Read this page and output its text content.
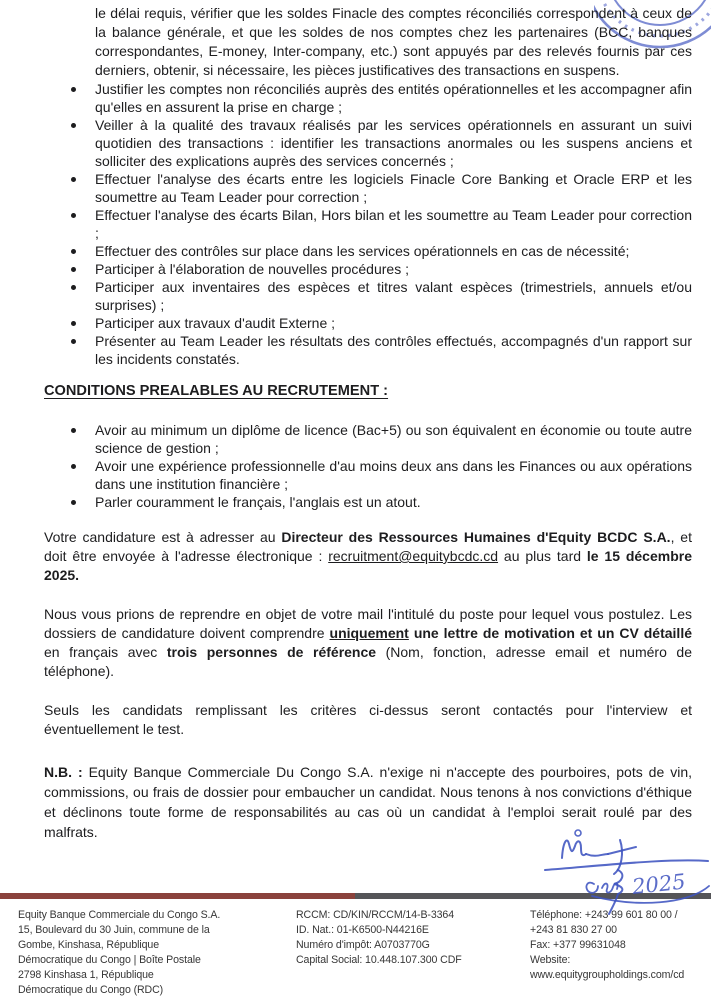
le délai requis, vérifier que les soldes Finacle des comptes réconciliés correspondent à ceux de la balance générale, et que les soldes de nos comptes chez les partenaires (BCC, banques correspondantes, E-money, Inter-company, etc.) sont appuyés par des relevés fournis par ces derniers, obtenir, si nécessaire, les pièces justificatives des transactions en suspens.

Justifier les comptes non réconciliés auprès des entités opérationnelles et les accompagner afin qu'elles en assurent la prise en charge ;
Veiller à la qualité des travaux réalisés par les services opérationnels en assurant un suivi quotidien des transactions : identifier les transactions anormales ou les suspens anciens et solliciter des explications auprès des services concernés ;
Effectuer l'analyse des écarts entre les logiciels Finacle Core Banking et Oracle ERP et les soumettre au Team Leader pour correction ;
Effectuer l'analyse des écarts Bilan, Hors bilan et les soumettre au Team Leader pour correction ;
Effectuer des contrôles sur place dans les services opérationnels en cas de nécessité;
Participer à l'élaboration de nouvelles procédures ;
Participer aux inventaires des espèces et titres valant espèces (trimestriels, annuels et/ou surprises) ;
Participer aux travaux d'audit Externe ;
Présenter au Team Leader les résultats des contrôles effectués, accompagnés d'un rapport sur les incidents constatés.
CONDITIONS PREALABLES AU RECRUTEMENT :
Avoir au minimum un diplôme de licence (Bac+5) ou son équivalent en économie ou toute autre science de gestion ;
Avoir une expérience professionnelle d'au moins deux ans dans les Finances ou aux opérations dans une institution financière ;
Parler couramment le français, l'anglais est un atout.

Votre candidature est à adresser au Directeur des Ressources Humaines d'Equity BCDC S.A., et doit être envoyée à l'adresse électronique : recruitment@equitybcdc.cd au plus tard le 15 décembre 2025.

Nous vous prions de reprendre en objet de votre mail l'intitulé du poste pour lequel vous postulez. Les dossiers de candidature doivent comprendre uniquement une lettre de motivation et un CV détaillé en français avec trois personnes de référence (Nom, fonction, adresse email et numéro de téléphone).

Seuls les candidats remplissant les critères ci-dessus seront contactés pour l'interview et éventuellement le test.

N.B. : Equity Banque Commerciale Du Congo S.A. n'exige ni n'accepte des pourboires, pots de vin, commissions, ou frais de dossier pour embaucher un candidat. Nous tenons à nos convictions d'éthique et déclinons toute forme de responsabilités au cas où un candidat à l'emploi serait roulé par des malfrats.

Equity Banque Commerciale du Congo S.A.
15, Boulevard du 30 Juin, commune de la
Gombe, Kinshasa, République
Démocratique du Congo | Boîte Postale
2798 Kinshasa 1, République
Démocratique du Congo (RDC)
RCCM: CD/KIN/RCCM/14-B-3364
ID. Nat.: 01-K6500-N44216E
Numéro d'impôt: A0703770G
Capital Social: 10.448.107.300 CDF
Téléphone: +243 99 601 80 00 /
+243 81 830 27 00
Fax: +377 99631048
Website:
www.equitygroupholdings.com/cd
2025
